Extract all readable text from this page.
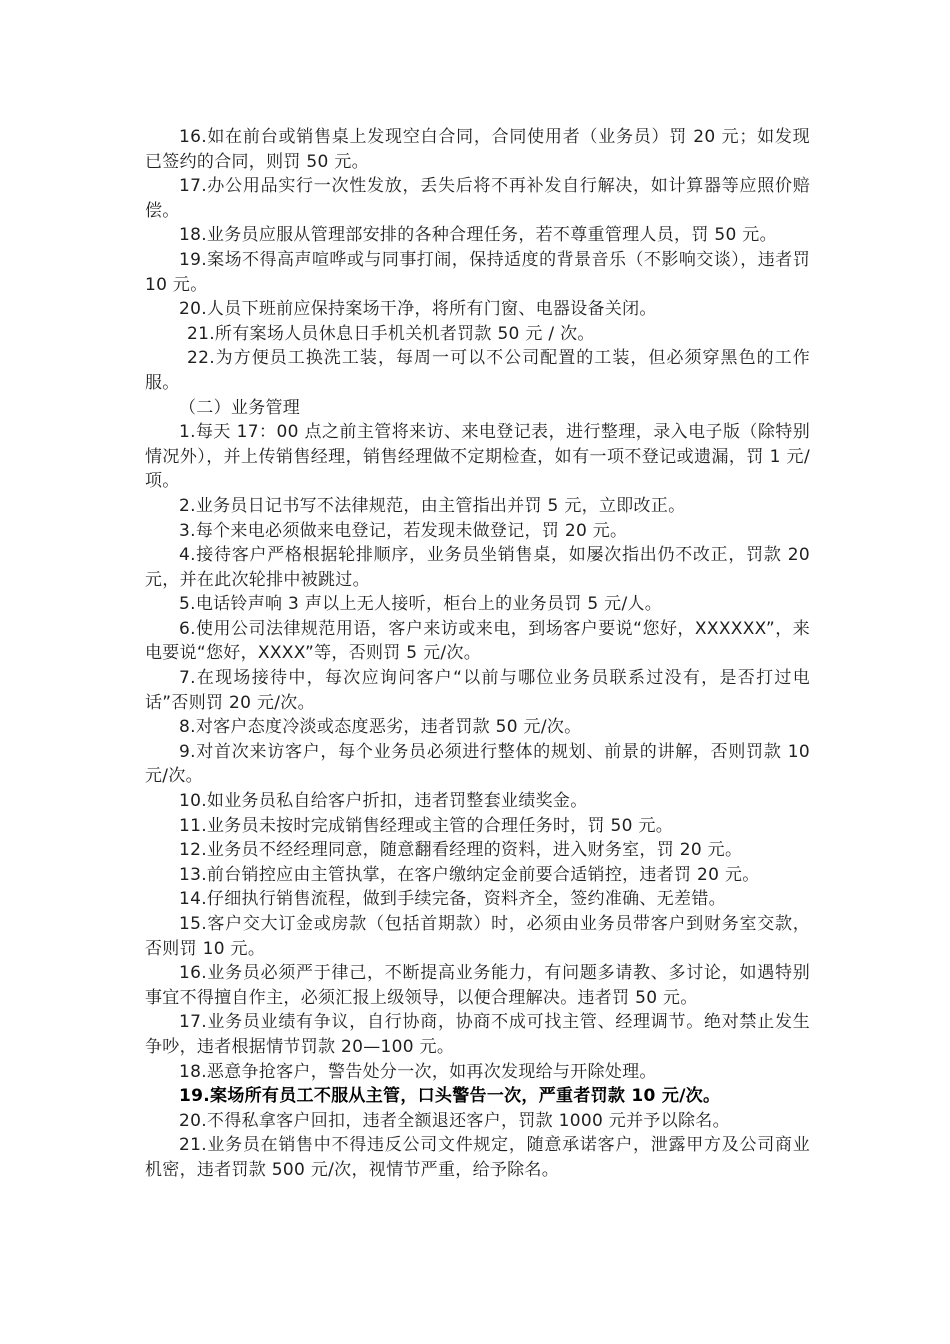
16.如在前台或销售桌上发现空白合同，合同使用者（业务员）罚 20 元；如发现已签约的合同，则罚 50 元。

17.办公用品实行一次性发放，丢失后将不再补发自行解决，如计算器等应照价赔偿。

18.业务员应服从管理部安排的各种合理任务，若不尊重管理人员，罚 50 元。

19.案场不得高声喧哗或与同事打闹，保持适度的背景音乐（不影响交谈），违者罚 10 元。

20.人员下班前应保持案场干净，将所有门窗、电器设备关闭。

21.所有案场人员休息日手机关机者罚款 50 元 / 次。

22.为方便员工换洗工装，每周一可以不公司配置的工装，但必须穿黑色的工作服。

（二）业务管理

1.每天 17：00 点之前主管将来访、来电登记表，进行整理，录入电子版（除特别情况外），并上传销售经理，销售经理做不定期检查，如有一项不登记或遗漏，罚 1 元/项。

2.业务员日记书写不法律规范，由主管指出并罚 5 元，立即改正。

3.每个来电必须做来电登记，若发现未做登记，罚 20 元。

4.接待客户严格根据轮排顺序，业务员坐销售桌，如屡次指出仍不改正，罚款 20 元，并在此次轮排中被跳过。

5.电话铃声响 3 声以上无人接听，柜台上的业务员罚 5 元/人。

6.使用公司法律规范用语，客户来访或来电，到场客户要说“您好，XXXXXX”，来电要说“您好，XXXX”等，否则罚 5 元/次。

7.在现场接待中，每次应询问客户“以前与哪位业务员联系过没有，是否打过电话”否则罚 20 元/次。

8.对客户态度冷淡或态度恶劣，违者罚款 50 元/次。

9.对首次来访客户，每个业务员必须进行整体的规划、前景的讲解，否则罚款 10 元/次。

10.如业务员私自给客户折扣，违者罚整套业绩奖金。

11.业务员未按时完成销售经理或主管的合理任务时，罚 50 元。

12.业务员不经经理同意，随意翻看经理的资料，进入财务室，罚 20 元。

13.前台销控应由主管执掌，在客户缴纳定金前要合适销控，违者罚 20 元。

14.仔细执行销售流程，做到手续完备，资料齐全，签约准确、无差错。

15.客户交大订金或房款（包括首期款）时，必须由业务员带客户到财务室交款，否则罚 10 元。

16.业务员必须严于律己，不断提高业务能力，有问题多请教、多讨论，如遇特别事宜不得擅自作主，必须汇报上级领导，以便合理解决。违者罚 50 元。

17.业务员业绩有争议，自行协商，协商不成可找主管、经理调节。绝对禁止发生争吵，违者根据情节罚款 20—100 元。

18.恶意争抢客户，警告处分一次，如再次发现给与开除处理。

19.案场所有员工不服从主管，口头警告一次，严重者罚款 10 元/次。

20.不得私拿客户回扣，违者全额退还客户，罚款 1000 元并予以除名。

21.业务员在销售中不得违反公司文件规定，随意承诺客户，泄露甲方及公司商业机密，违者罚款 500 元/次，视情节严重，给予除名。
